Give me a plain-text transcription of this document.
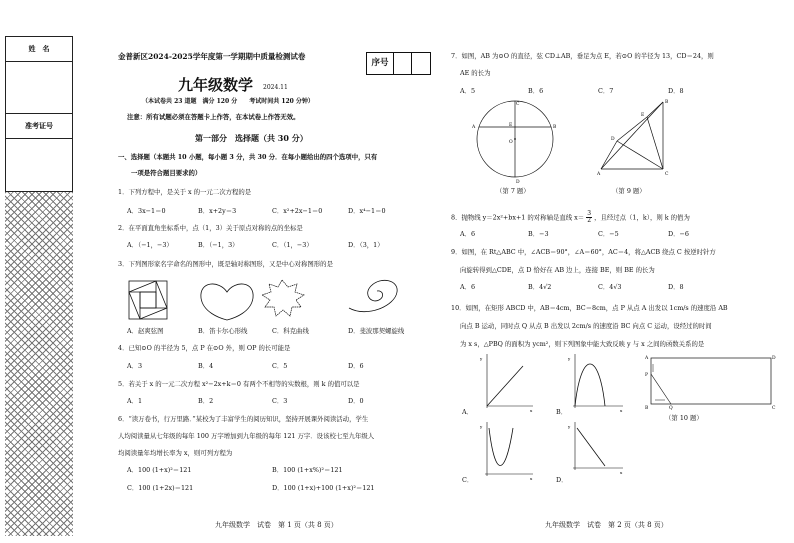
姓　名
准考证号
金普新区2024-2025学年度第一学期期中质量检测试卷
序号
九年级数学 2024.11
（本试卷共 23 道题　满分 120 分　　考试时间共 120 分钟）
注意：所有试题必须在答题卡上作答，在本试卷上作答无效。
第一部分　选择题（共 30 分）
一、选择题（本题共 10 小题，每小题 3 分，共 30 分．在每小题给出的四个选项中，只有
一项是符合题目要求的）
1．下列方程中，是关于 x 的一元二次方程的是
A．3x−1＝0	B．x+2y＝3	C．x²+2x−1＝0	D．x⁴−1＝0
2．在平面直角坐标系中，点（1，3）关于原点对称的点的坐标是
A．（−1，−3）	B．（−1，3）	C．（1，−3）	D．（3，1）
3．下列图形家名字命名的图形中，既是轴对称图形，又是中心对称图形的是
A．赵爽弦图	B．笛卡尔心形线	C．科克曲线	D．斐波那契螺旋线
4．已知⊙O 的半径为 5，点 P 在⊙O 外，则 OP 的长可能是
A．3	B．4	C．5	D．6
5．若关于 x 的一元二次方程 x²−2x+k＝0 有两个不相等的实数根，则 k 的值可以是
A．1	B．2	C．3	D．0
6．“读万卷书，行万里路．”某校为了丰富学生的阅历知识，坚持开展课外阅读活动，学生
人均阅读量从七年级的每年 100 万字增加到九年级的每年 121 万字．设该校七至九年级人
均阅读量年均增长率为 x，则可列方程为
A．100 (1+x)²＝121	B．100 (1+x%)²＝121
C．100 (1+2x)＝121	D．100 (1+x)+100 (1+x)²＝121
九年级数学　试卷　第 1 页（共 8 页）
7．如图，AB 为⊙O 的直径，弦 CD⊥AB，垂足为点 E，若⊙O 的半径为 13，CD＝24，则
AE 的长为
A．5	B．6	C．7	D．8
C
A	E
O
B
D
（第 7 题）
A
D
E
C
B
（第 9 题）
8．抛物线 y＝2x²+bx+1 的对称轴是直线 $x= \frac{3}{2}$ ，且经过点（1，k），则 k 的值为
A．6	B．−3	C．−5	D．−6
9．如图，在 Rt△ABC 中，∠ACB＝90°，∠A＝60°，AC＝4，将△ACB 绕点 C 按逆时针方
向旋转得到△CDE，点 D 恰好在 AB 边上，连接 BE，则 BE 的长为
A．6	B．4√2	C．4√3	D．8
10．如图，在矩形 ABCD 中，AB＝4cm，BC＝8cm，点 P 从点 A 出发以 1cm/s 的速度沿 AB
向点 B 运动，同时点 Q 从点 B 出发以 2cm/s 的速度沿 BC 向点 C 运动，设经过的时间
为 x s，△PBQ 的面积为 ycm²，则下列图象中能大致反映 y 与 x 之间的函数关系的是
y
x
A．
y
x
B．
A	D
P
B	Q	C
（第 10 题）
y
x
C．
y
x
D．
九年级数学　试卷　第 2 页（共 8 页）
